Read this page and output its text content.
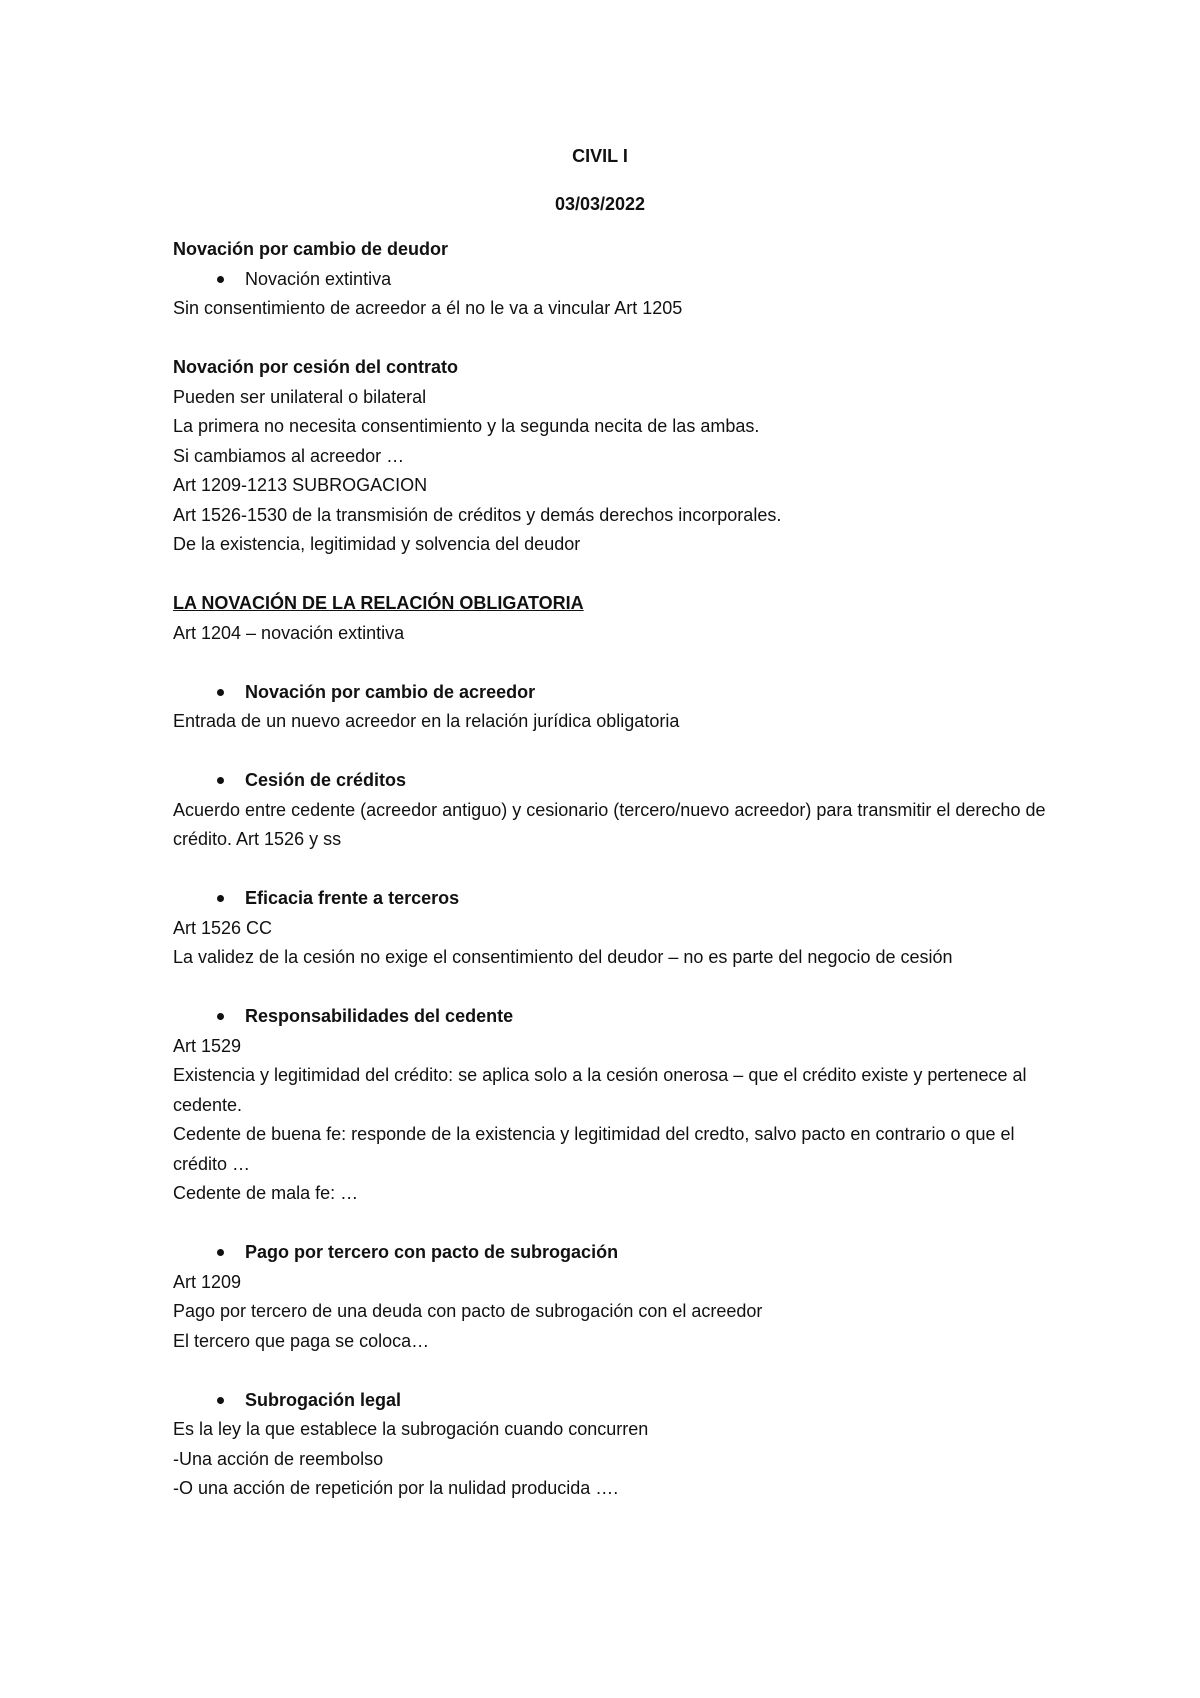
CIVIL I
03/03/2022
Novación por cambio de deudor
Novación extintiva
Sin consentimiento de acreedor a él no le va a vincular Art 1205
Novación por cesión del contrato
Pueden ser unilateral o bilateral
La primera no necesita consentimiento y la segunda necita de las ambas.
Si cambiamos al acreedor …
Art 1209-1213 SUBROGACION
Art 1526-1530 de la transmisión de créditos y demás derechos incorporales.
De la existencia, legitimidad y solvencia del deudor
LA NOVACIÓN DE LA RELACIÓN OBLIGATORIA
Art 1204 – novación extintiva
Novación por cambio de acreedor
Entrada de un nuevo acreedor en la relación jurídica obligatoria
Cesión de créditos
Acuerdo entre cedente (acreedor antiguo) y cesionario (tercero/nuevo acreedor) para transmitir el derecho de crédito. Art 1526 y ss
Eficacia frente a terceros
Art 1526 CC
La validez de la cesión no exige el consentimiento del deudor – no es parte del negocio de cesión
Responsabilidades del cedente
Art 1529
Existencia y legitimidad del crédito: se aplica solo a la cesión onerosa – que el crédito existe y pertenece al cedente.
Cedente de buena fe: responde de la existencia y legitimidad del credto, salvo pacto en contrario o que el crédito …
Cedente de mala fe: …
Pago por tercero con pacto de subrogación
Art 1209
Pago por tercero de una deuda con pacto de subrogación con el acreedor
El tercero que paga se coloca…
Subrogación legal
Es la ley la que establece la subrogación cuando concurren
-Una acción de reembolso
-O una acción de repetición por la nulidad producida ….
